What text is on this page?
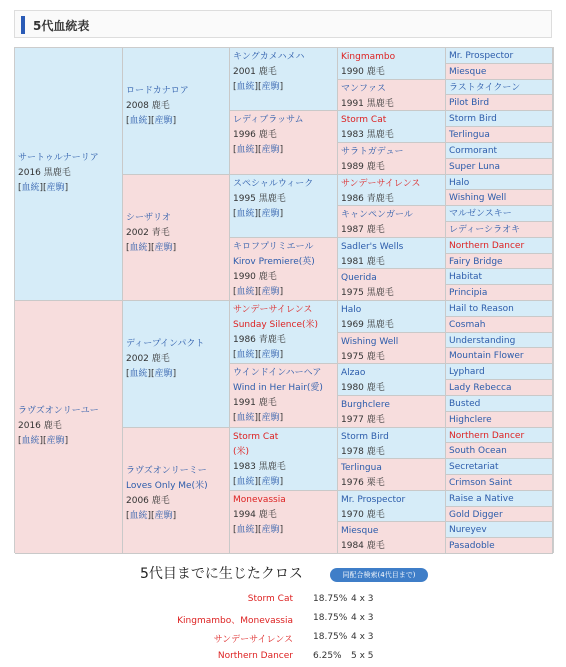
5代血統表
サートゥルナーリア
2016 黒鹿毛
[血統][産駒]
ラヴズオンリーユー
2016 鹿毛
[血統][産駒]
ロードカナロア
2008 鹿毛
[血統][産駒]
シーザリオ
2002 青毛
[血統][産駒]
ディープインパクト
2002 鹿毛
[血統][産駒]
ラヴズオンリーミー
Loves Only Me(米)
2006 鹿毛
[血統][産駒]
キングカメハメハ
2001 鹿毛
[血統][産駒]
レディブラッサム
1996 鹿毛
[血統][産駒]
スペシャルウィーク
1995 黒鹿毛
[血統][産駒]
キロフプリミエール
Kirov Premiere(英)
1990 鹿毛
[血統][産駒]
サンデーサイレンス
Sunday Silence(米)
1986 青鹿毛
[血統][産駒]
ウインドインハーヘア
Wind in Her Hair(愛)
1991 鹿毛
[血統][産駒]
Storm Cat
(米)
1983 黒鹿毛
[血統][産駒]
Monevassia
1994 鹿毛
[血統][産駒]
Kingmambo
1990 鹿毛
マンファス
1991 黒鹿毛
Storm Cat
1983 黒鹿毛
サラトガデュー
1989 鹿毛
サンデーサイレンス
1986 青鹿毛
キャンペンガール
1987 鹿毛
Sadler's Wells
1981 鹿毛
Querida
1975 黒鹿毛
Halo
1969 黒鹿毛
Wishing Well
1975 鹿毛
Alzao
1980 鹿毛
Burghclere
1977 鹿毛
Storm Bird
1978 鹿毛
Terlingua
1976 栗毛
Mr. Prospector
1970 鹿毛
Miesque
1984 鹿毛
Mr. Prospector
Miesque
ラストタイクーン
Pilot Bird
Storm Bird
Terlingua
Cormorant
Super Luna
Halo
Wishing Well
マルゼンスキー
レディーシラオキ
Northern Dancer
Fairy Bridge
Habitat
Principia
Hail to Reason
Cosmah
Understanding
Mountain Flower
Lyphard
Lady Rebecca
Busted
Highclere
Northern Dancer
South Ocean
Secretariat
Crimson Saint
Raise a Native
Gold Digger
Nureyev
Pasadoble
5代目までに生じたクロス	同配合検索(4代目まで)
Storm Cat 18.75% 4 x 3
Kingmambo、Monevassia 18.75% 4 x 3
サンデーサイレンス 18.75% 4 x 3
Northern Dancer 6.25% 5 x 5
